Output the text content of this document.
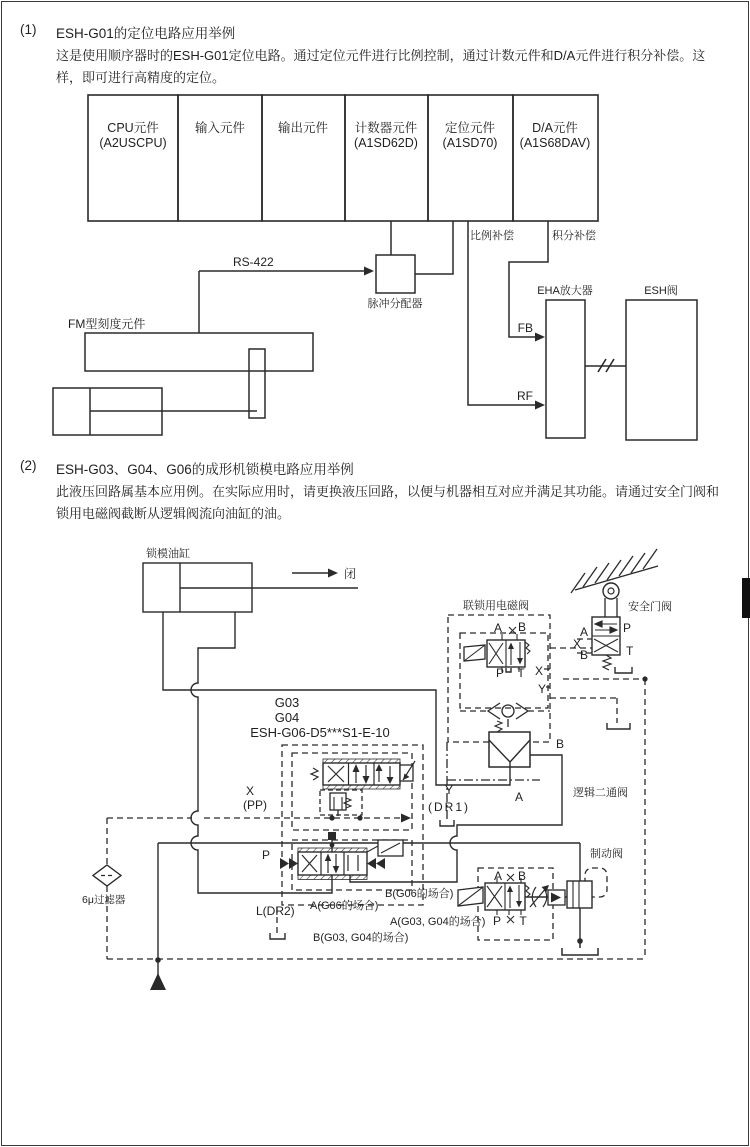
(1)	ESH-G01的定位电路应用举例
这是使用顺序器时的ESH-G01定位电路。通过定位元件进行比例控制，通过计数元件和D/A元件进行积分补偿。这样，即可进行高精度的定位。
CPU元件
(A2USCPU)
输入元件	输出元件 计数器元件
(A1SD62D)
定位元件
(A1SD70)
D/A元件
(A1S68DAV)
RS-422
脉冲分配器
FM型刻度元件
比例补偿	积分补偿
FB
RF
EHA放大器	ESH阀
(2)	ESH-G03、G04、G06的成形机锁模电路应用举例
此液压回路属基本应用例。在实际应用时，请更换液压回路，以便与机器相互对应并满足其功能。请通过安全门阀和锁用电磁阀截断从逻辑阀流向油缸的油。
锁模油缸
闭
联锁用电磁阀	安全门阀
逻辑二通阀
制动阀
6μ过滤器
G03
G04
ESH-G06-D5***S1-E-10
X
(PP)
Y
(DR1)
L(DR2)
P
A(G06的场合)
B(G06的场合)
A(G03, G04的场合)
B(G03, G04的场合)
A B
P T X
Y
A	P
X
B	T
B
A
A B
P T
